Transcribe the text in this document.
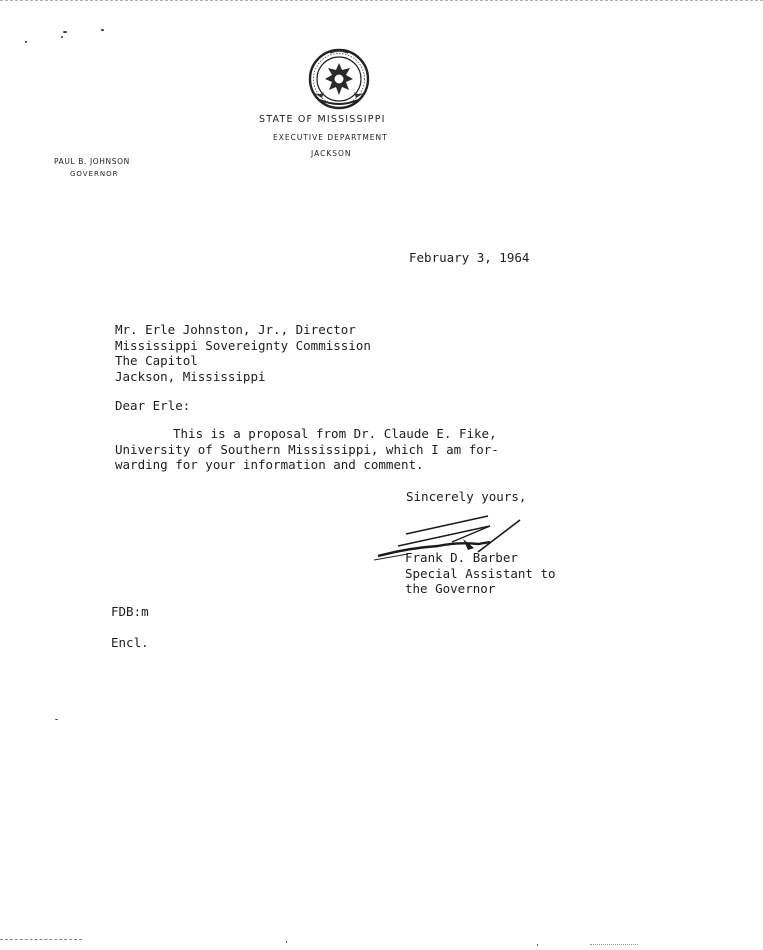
STATE OF MISSISSIPPI
EXECUTIVE DEPARTMENT
JACKSON
PAUL B. JOHNSON
GOVERNOR
February 3, 1964
Mr. Erle Johnston, Jr., Director
Mississippi Sovereignty Commission
The Capitol
Jackson, Mississippi
Dear Erle:
This is a proposal from Dr. Claude E. Fike,
University of Southern Mississippi, which I am for-
warding for your information and comment.
Sincerely yours,
Frank D. Barber
Special Assistant to
the Governor
FDB:m
Encl.
